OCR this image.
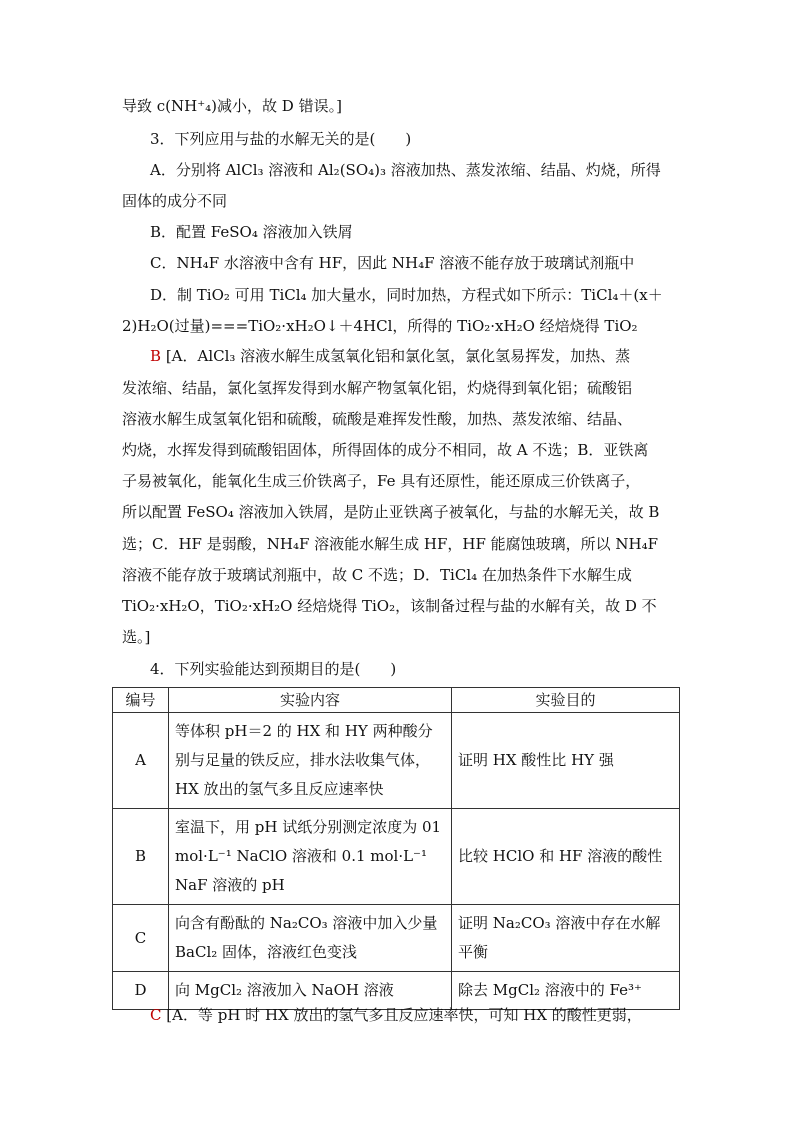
导致 c(NH⁺₄)减小，故 D 错误。]
3．下列应用与盐的水解无关的是(　　)
A．分别将 AlCl₃ 溶液和 Al₂(SO₄)₃ 溶液加热、蒸发浓缩、结晶、灼烧，所得
固体的成分不同
B．配置 FeSO₄ 溶液加入铁屑
C．NH₄F 水溶液中含有 HF，因此 NH₄F 溶液不能存放于玻璃试剂瓶中
D．制 TiO₂ 可用 TiCl₄ 加大量水，同时加热，方程式如下所示：TiCl₄＋(x＋
2)H₂O(过量)===TiO₂·xH₂O↓＋4HCl，所得的 TiO₂·xH₂O 经焙烧得 TiO₂
B [A．AlCl₃ 溶液水解生成氢氧化铝和氯化氢，氯化氢易挥发，加热、蒸
发浓缩、结晶，氯化氢挥发得到水解产物氢氧化铝，灼烧得到氧化铝；硫酸铝
溶液水解生成氢氧化铝和硫酸，硫酸是难挥发性酸，加热、蒸发浓缩、结晶、
灼烧，水挥发得到硫酸铝固体，所得固体的成分不相同，故 A 不选；B．亚铁离
子易被氧化，能氧化生成三价铁离子，Fe 具有还原性，能还原成三价铁离子，
所以配置 FeSO₄ 溶液加入铁屑，是防止亚铁离子被氧化，与盐的水解无关，故 B
选；C．HF 是弱酸，NH₄F 溶液能水解生成 HF，HF 能腐蚀玻璃，所以 NH₄F
溶液不能存放于玻璃试剂瓶中，故 C 不选；D．TiCl₄ 在加热条件下水解生成
TiO₂·xH₂O，TiO₂·xH₂O 经焙烧得 TiO₂，该制备过程与盐的水解有关，故 D 不
选。]
4．下列实验能达到预期目的是(　　)
编号	实验内容	实验目的
A	等体积 pH＝2 的 HX 和 HY 两种酸分别与足量的铁反应，排水法收集气体，HX 放出的氢气多且反应速率快	证明 HX 酸性比 HY 强
B	室温下，用 pH 试纸分别测定浓度为 01 mol·L⁻¹ NaClO 溶液和 0.1 mol·L⁻¹ NaF 溶液的 pH	比较 HClO 和 HF 溶液的酸性
C	向含有酚酞的 Na₂CO₃ 溶液中加入少量 BaCl₂ 固体，溶液红色变浅	证明 Na₂CO₃ 溶液中存在水解平衡
D	向 MgCl₂ 溶液加入 NaOH 溶液	除去 MgCl₂ 溶液中的 Fe³⁺
C [A．等 pH 时 HX 放出的氢气多且反应速率快，可知 HX 的酸性更弱，
